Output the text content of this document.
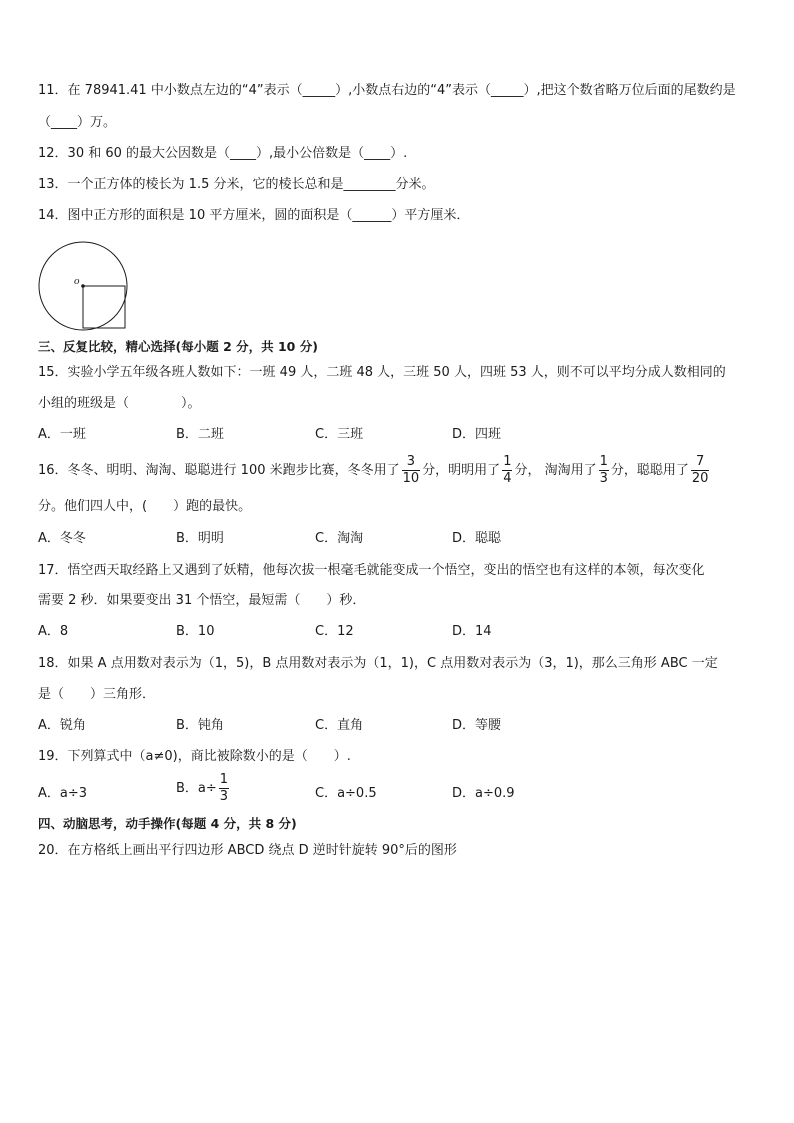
11．在 78941.41 中小数点左边的“4”表示（_____）,小数点右边的“4”表示（_____）,把这个数省略万位后面的尾数约是
（____）万。
12．30 和 60 的最大公因数是（____）,最小公倍数是（____）.
13．一个正方体的棱长为 1.5 分米，它的棱长总和是________分米。
14．图中正方形的面积是 10 平方厘米，圆的面积是（______）平方厘米．
o
三、反复比较，精心选择(每小题 2 分，共 10 分)
15．实验小学五年级各班人数如下：一班 49 人，二班 48 人，三班 50 人，四班 53 人，则不可以平均分成人数相同的
小组的班级是（　　　　）。
A．一班	B．二班	C．三班	D．四班
16．冬冬、明明、淘淘、聪聪进行 100 米跑步比赛，冬冬用了 $\frac{3}{10}$ 分，明明用了 $\frac{1}{4}$ 分， 淘淘用了 $\frac{1}{3}$ 分，聪聪用了 $\frac{7}{20}$
分。他们四人中，(　　）跑的最快。
A．冬冬	B．明明	C．淘淘	D．聪聪
17．悟空西天取经路上又遇到了妖精，他每次拔一根毫毛就能变成一个悟空，变出的悟空也有这样的本领，每次变化
需要 2 秒．如果要变出 31 个悟空，最短需（　　）秒．
A．8	B．10	C．12	D．14
18．如果 A 点用数对表示为（1，5)，B 点用数对表示为（1，1)，C 点用数对表示为（3，1)，那么三角形 ABC 一定
是（　　）三角形．
A．锐角	B．钝角	C．直角	D．等腰
19．下列算式中（a≠0)，商比被除数小的是（　　）.
A．a÷3	B．$a\div \frac{1}{3}$	C．a÷0.5	D．a÷0.9
四、动脑思考，动手操作(每题 4 分，共 8 分)
20．在方格纸上画出平行四边形 ABCD 绕点 D 逆时针旋转 90°后的图形
